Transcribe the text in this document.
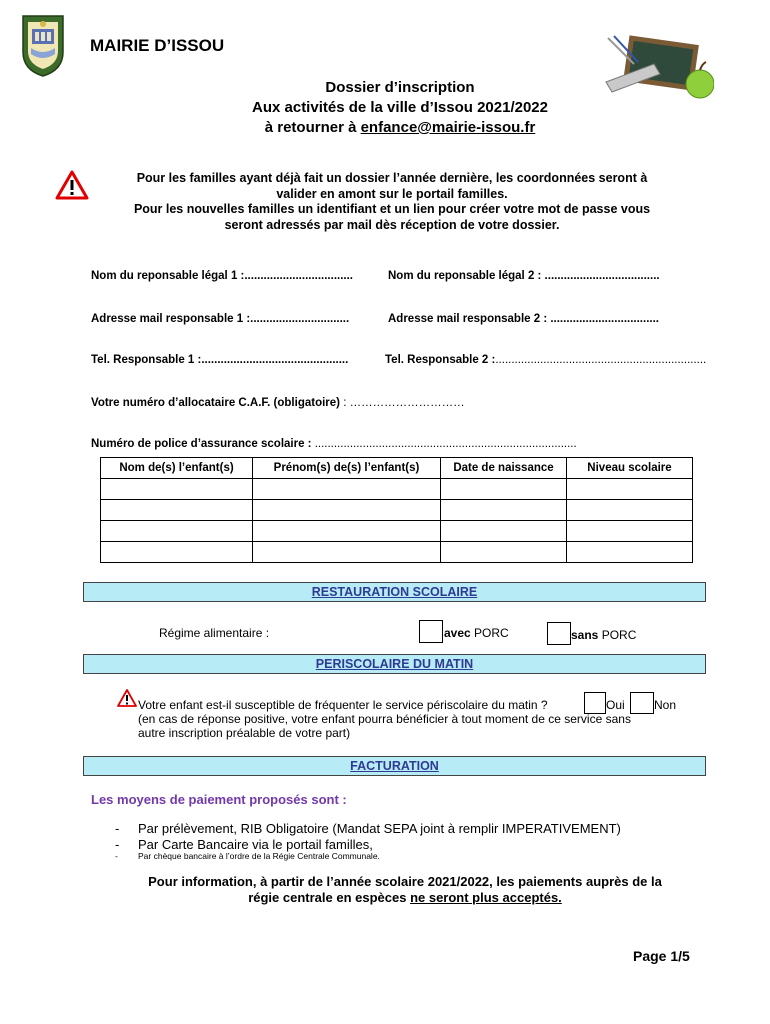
MAIRIE D’ISSOU
Dossier d’inscription
Aux activités de la ville d’Issou 2021/2022
à retourner à enfance@mairie-issou.fr
Pour les familles ayant déjà fait un dossier l’année dernière, les coordonnées seront à
valider en amont sur le portail familles.
Pour les nouvelles familles un identifiant et un lien pour créer votre mot de passe vous
seront adressés par mail dès réception de votre dossier.
Nom du reponsable légal 1 :..................................	Nom du reponsable légal 2 : ....................................
Adresse mail responsable 1 :...............................	Adresse mail responsable 2 : ..................................
Tel. Responsable 1 :..............................................	Tel. Responsable 2 :..................................................................
Votre numéro d’allocataire C.A.F. (obligatoire) : …………………………
Numéro de police d’assurance scolaire : ..................................................................................
Nom de(s) l’enfant(s)	Prénom(s) de(s) l’enfant(s)	Date de naissance	Niveau scolaire

RESTAURATION SCOLAIRE
Régime alimentaire :	avec PORC	sans PORC
PERISCOLAIRE DU MATIN
Votre enfant est-il susceptible de fréquenter le service périscolaire du matin ?	Oui Non
(en cas de réponse positive, votre enfant pourra bénéficier à tout moment de ce service sans
autre inscription préalable de votre part)
FACTURATION
Les moyens de paiement proposés sont :
- Par prélèvement, RIB Obligatoire (Mandat SEPA joint à remplir IMPERATIVEMENT)
- Par Carte Bancaire via le portail familles,
- Par chèque bancaire à l’ordre de la Régie Centrale Communale.
Pour information, à partir de l’année scolaire 2021/2022, les paiements auprès de la
régie centrale en espèces ne seront plus acceptés.
Page 1/5
